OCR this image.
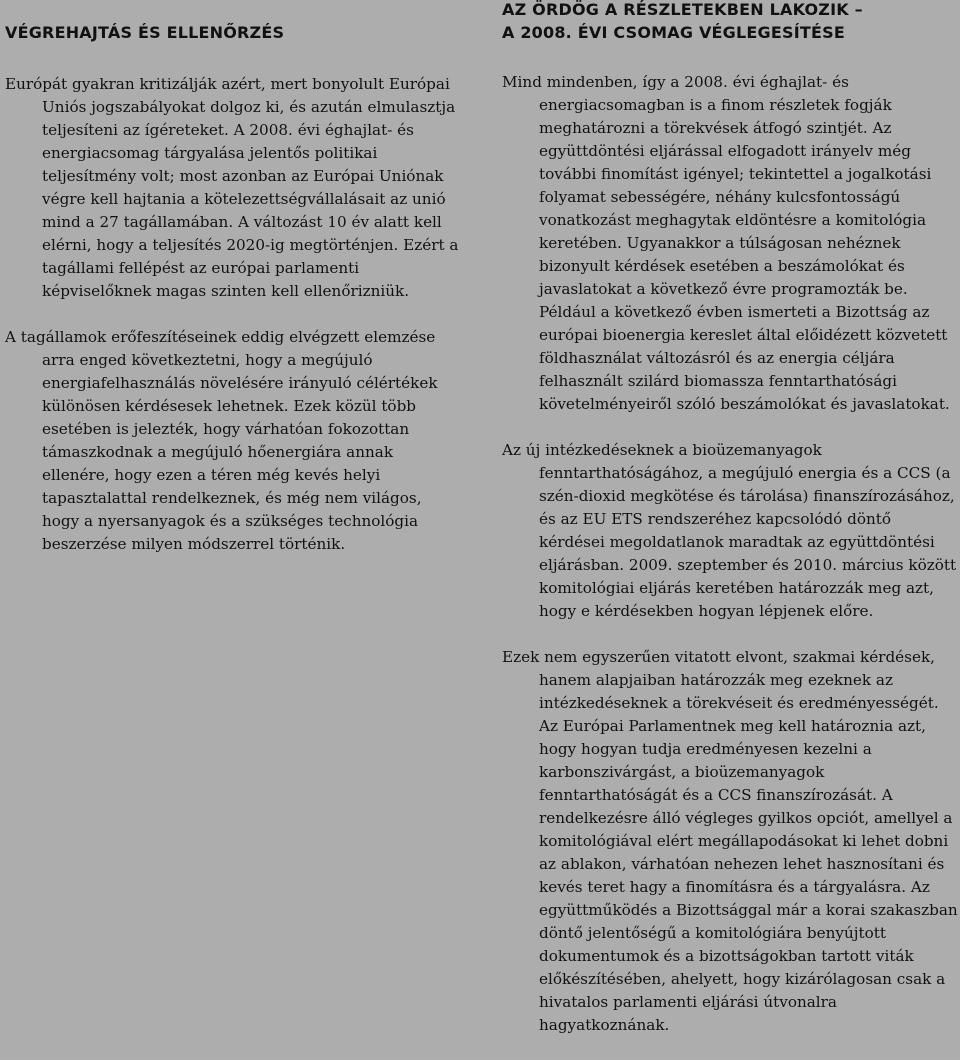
VÉGREHAJTÁS ÉS ELLENŐRZÉS

Európát gyakran kritizálják azért, mert bonyolult Európai Uniós jogszabályokat dolgoz ki, és azután elmulasztja teljesíteni az ígéreteket. A 2008. évi éghajlat- és energiacsomag tárgyalása jelentős politikai teljesítmény volt; most azonban az Európai Uniónak végre kell hajtania a kötelezettségvállalásait az unió mind a 27 tagállamában. A változást 10 év alatt kell elérni, hogy a teljesítés 2020-ig megtörténjen. Ezért a tagállami fellépést az európai parlamenti képviselőknek magas szinten kell ellenőrizniük.

A tagállamok erőfeszítéseinek eddig elvégzett elemzése arra enged következtetni, hogy a megújuló energiafelhasználás növelésére irányuló célértékek különösen kérdésesek lehetnek. Ezek közül több esetében is jelezték, hogy várhatóan fokozottan támaszkodnak a megújuló hőenergiára annak ellenére, hogy ezen a téren még kevés helyi tapasztalattal rendelkeznek, és még nem világos, hogy a nyersanyagok és a szükséges technológia beszerzése milyen módszerrel történik.

AZ ÖRDÖG A RÉSZLETEKBEN LAKOZIK –
A 2008. ÉVI CSOMAG VÉGLEGESÍTÉSE

Mind mindenben, így a 2008. évi éghajlat- és energiacsomagban is a finom részletek fogják meghatározni a törekvések átfogó szintjét. Az együttdöntési eljárással elfogadott irányelv még további finomítást igényel; tekintettel a jogalkotási folyamat sebességére, néhány kulcsfontosságú vonatkozást meghagytak eldöntésre a komitológia keretében. Ugyanakkor a túlságosan nehéznek bizonyult kérdések esetében a beszámolókat és javaslatokat a következő évre programozták be. Például a következő évben ismerteti a Bizottság az európai bioenergia kereslet által előidézett közvetett földhasználat változásról és az energia céljára felhasznált szilárd biomassza fenntarthatósági követelményeiről szóló beszámolókat és javaslatokat.

Az új intézkedéseknek a bioüzemanyagok fenntarthatóságához, a megújuló energia és a CCS (a szén-dioxid megkötése és tárolása) finanszírozásához, és az EU ETS rendszeréhez kapcsolódó döntő kérdései megoldatlanok maradtak az együttdöntési eljárásban. 2009. szeptember és 2010. március között komitológiai eljárás keretében határozzák meg azt, hogy e kérdésekben hogyan lépjenek előre.

Ezek nem egyszerűen vitatott elvont, szakmai kérdések, hanem alapjaiban határozzák meg ezeknek az intézkedéseknek a törekvéseit és eredményességét. Az Európai Parlamentnek meg kell határoznia azt, hogy hogyan tudja eredményesen kezelni a karbonszivárgást, a bioüzemanyagok fenntarthatóságát és a CCS finanszírozását. A rendelkezésre álló végleges gyilkos opciót, amellyel a komitológiával elért megállapodásokat ki lehet dobni az ablakon, várhatóan nehezen lehet hasznosítani és kevés teret hagy a finomításra és a tárgyalásra. Az együttműködés a Bizottsággal már a korai szakaszban döntő jelentőségű a komitológiára benyújtott dokumentumok és a bizottságokban tartott viták előkészítésében, ahelyett, hogy kizárólagosan csak a hivatalos parlamenti eljárási útvonalra hagyatkoznának.
